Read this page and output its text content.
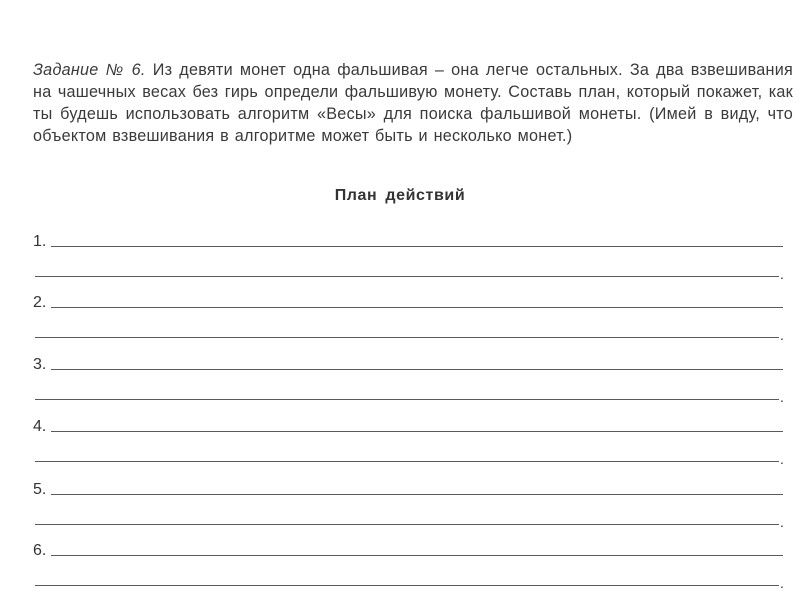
Задание № 6. Из девяти монет одна фальшивая – она легче остальных. За два взвешивания на чашечных весах без гирь определи фальшивую монету. Составь план, который покажет, как ты будешь использовать алгоритм «Весы» для поиска фальшивой монеты. (Имей в виду, что объектом взвешивания в алгоритме может быть и несколько монет.)

План действий
1.
.
2.
.
3.
.
4.
.
5.
.
6.
.
